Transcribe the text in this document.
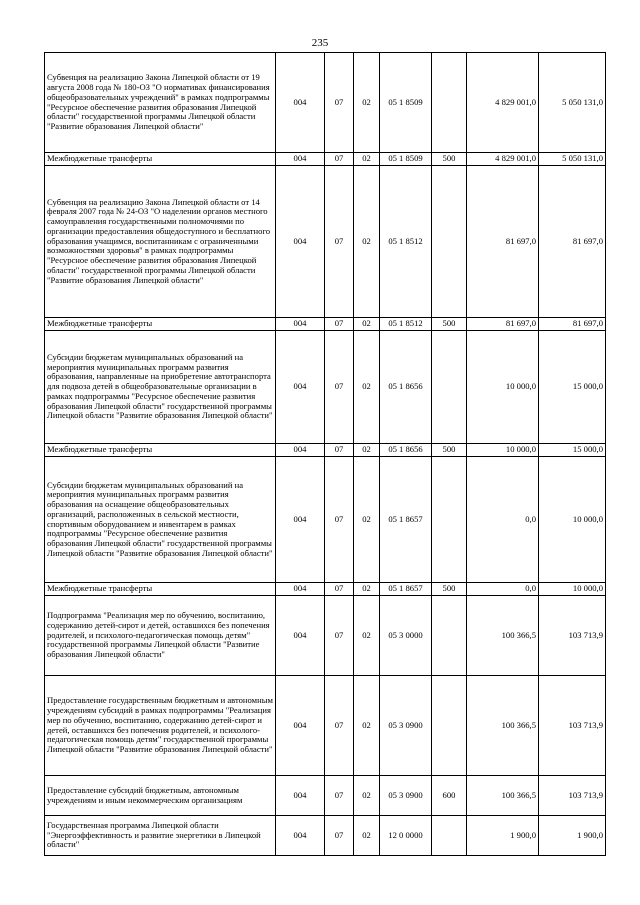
235
Субвенция на реализацию Закона Липецкой области от 19 августа 2008 года № 180-ОЗ "О нормативах финансирования общеобразовательных учреждений" в рамках подпрограммы "Ресурсное обеспечение развития образования Липецкой области" государственной программы Липецкой области "Развитие образования Липецкой области"	004	07	02	05 1 8509		4 829 001,0	5 050 131,0
Межбюджетные трансферты	004	07	02	05 1 8509	500	4 829 001,0	5 050 131,0
Субвенция на реализацию Закона Липецкой области от 14 февраля 2007 года № 24-ОЗ "О наделении органов местного самоуправления государственными полномочиями по организации предоставления общедоступного и бесплатного образования учащимся, воспитанникам с ограниченными возможностями здоровья" в рамках подпрограммы "Ресурсное обеспечение развития образования Липецкой области" государственной программы Липецкой области "Развитие образования Липецкой области"	004	07	02	05 1 8512		81 697,0	81 697,0
Межбюджетные трансферты	004	07	02	05 1 8512	500	81 697,0	81 697,0
Субсидии бюджетам муниципальных образований на мероприятия муниципальных программ развития образования, направленные на приобретение автотранспорта для подвоза детей в общеобразовательные организации в рамках подпрограммы "Ресурсное обеспечение развития образования Липецкой области" государственной программы Липецкой области "Развитие образования Липецкой области"	004	07	02	05 1 8656		10 000,0	15 000,0
Межбюджетные трансферты	004	07	02	05 1 8656	500	10 000,0	15 000,0
Субсидии бюджетам муниципальных образований на мероприятия муниципальных программ развития образования на оснащение общеобразовательных организаций, расположенных в сельской местности, спортивным оборудованием и инвентарем в рамках подпрограммы "Ресурсное обеспечение развития образования Липецкой области" государственной программы Липецкой области "Развитие образования Липецкой области"	004	07	02	05 1 8657		0,0	10 000,0
Межбюджетные трансферты	004	07	02	05 1 8657	500	0,0	10 000,0
Подпрограмма "Реализация мер по обучению, воспитанию, содержанию детей-сирот и детей, оставшихся без попечения родителей, и психолого-педагогическая помощь детям" государственной программы Липецкой области "Развитие образования Липецкой области"	004	07	02	05 3 0000		100 366,5	103 713,9
Предоставление государственным бюджетным и автономным учреждениям субсидий в рамках подпрограммы "Реализация мер по обучению, воспитанию, содержанию детей-сирот и детей, оставшихся без попечения родителей, и психолого-педагогическая помощь детям" государственной программы Липецкой области "Развитие образования Липецкой области"	004	07	02	05 3 0900		100 366,5	103 713,9
Предоставление субсидий бюджетным, автономным учреждениям и иным некоммерческим организациям	004	07	02	05 3 0900	600	100 366,5	103 713,9
Государственная программа Липецкой области "Энергоэффективность и развитие энергетики в Липецкой области"	004	07	02	12 0 0000		1 900,0	1 900,0
